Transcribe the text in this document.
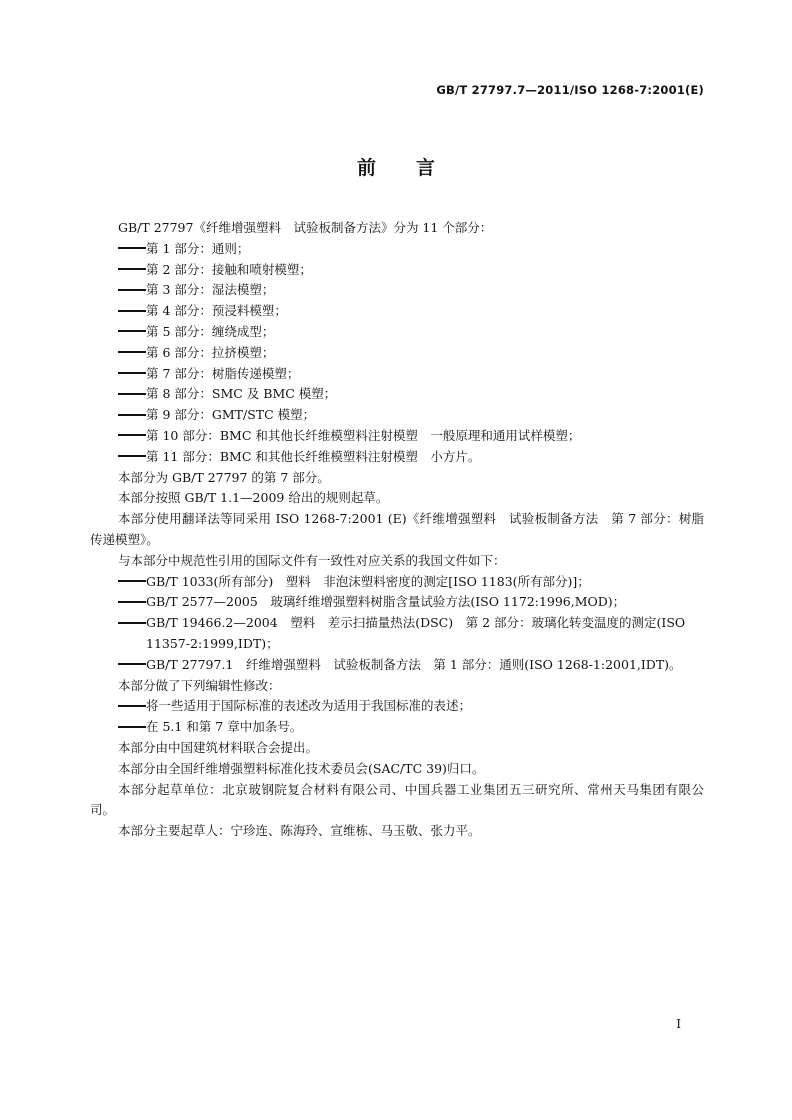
GB/T 27797.7—2011/ISO 1268-7:2001(E)
前言

GB/T 27797《纤维增强塑料　试验板制备方法》分为 11 个部分：

第 1 部分：通则；

第 2 部分：接触和喷射模塑；

第 3 部分：湿法模塑；

第 4 部分：预浸料模塑；

第 5 部分：缠绕成型；

第 6 部分：拉挤模塑；

第 7 部分：树脂传递模塑；

第 8 部分：SMC 及 BMC 模塑；

第 9 部分：GMT/STC 模塑；

第 10 部分：BMC 和其他长纤维模塑料注射模塑　一般原理和通用试样模塑；

第 11 部分：BMC 和其他长纤维模塑料注射模塑　小方片。

本部分为 GB/T 27797 的第 7 部分。

本部分按照 GB/T 1.1—2009 给出的规则起草。

本部分使用翻译法等同采用 ISO 1268-7:2001 (E)《纤维增强塑料　试验板制备方法　第 7 部分：树脂传递模塑》。

与本部分中规范性引用的国际文件有一致性对应关系的我国文件如下：

GB/T 1033(所有部分)　塑料　非泡沫塑料密度的测定[ISO 1183(所有部分)]；

GB/T 2577—2005　玻璃纤维增强塑料树脂含量试验方法(ISO 1172:1996,MOD)；

GB/T 19466.2—2004　塑料　差示扫描量热法(DSC)　第 2 部分：玻璃化转变温度的测定(ISO 11357-2:1999,IDT)；

GB/T 27797.1　纤维增强塑料　试验板制备方法　第 1 部分：通则(ISO 1268-1:2001,IDT)。

本部分做了下列编辑性修改：

将一些适用于国际标准的表述改为适用于我国标准的表述；

在 5.1 和第 7 章中加条号。

本部分由中国建筑材料联合会提出。

本部分由全国纤维增强塑料标准化技术委员会(SAC/TC 39)归口。

本部分起草单位：北京玻钢院复合材料有限公司、中国兵器工业集团五三研究所、常州天马集团有限公司。

本部分主要起草人：宁珍连、陈海玲、宣维栋、马玉敬、张力平。

I
